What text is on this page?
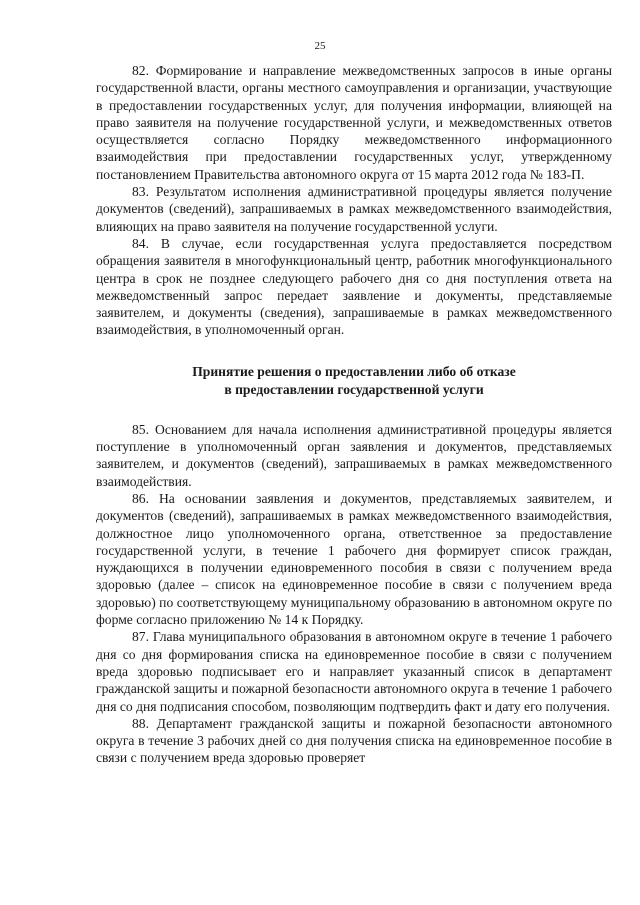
25

82. Формирование и направление межведомственных запросов в иные органы государственной власти, органы местного самоуправления и организации, участвующие в предоставлении государственных услуг, для получения информации, влияющей на право заявителя на получение государственной услуги, и межведомственных ответов осуществляется согласно Порядку межведомственного информационного взаимодействия при предоставлении государственных услуг, утвержденному постановлением Правительства автономного округа от 15 марта 2012 года № 183-П.

83. Результатом исполнения административной процедуры является получение документов (сведений), запрашиваемых в рамках межведомственного взаимодействия, влияющих на право заявителя на получение государственной услуги.

84. В случае, если государственная услуга предоставляется посредством обращения заявителя в многофункциональный центр, работник многофункционального центра в срок не позднее следующего рабочего дня со дня поступления ответа на межведомственный запрос передает заявление и документы, представляемые заявителем, и документы (сведения), запрашиваемые в рамках межведомственного взаимодействия, в уполномоченный орган.

Принятие решения о предоставлении либо об отказе
в предоставлении государственной услуги

85. Основанием для начала исполнения административной процедуры является поступление в уполномоченный орган заявления и документов, представляемых заявителем, и документов (сведений), запрашиваемых в рамках межведомственного взаимодействия.

86. На основании заявления и документов, представляемых заявителем, и документов (сведений), запрашиваемых в рамках межведомственного взаимодействия, должностное лицо уполномоченного органа, ответственное за предоставление государственной услуги, в течение 1 рабочего дня формирует список граждан, нуждающихся в получении единовременного пособия в связи с получением вреда здоровью (далее – список на единовременное пособие в связи с получением вреда здоровью) по соответствующему муниципальному образованию в автономном округе по форме согласно приложению № 14 к Порядку.

87. Глава муниципального образования в автономном округе в течение 1 рабочего дня со дня формирования списка на единовременное пособие в связи с получением вреда здоровью подписывает его и направляет указанный список в департамент гражданской защиты и пожарной безопасности автономного округа в течение 1 рабочего дня со дня подписания способом, позволяющим подтвердить факт и дату его получения.

88. Департамент гражданской защиты и пожарной безопасности автономного округа в течение 3 рабочих дней со дня получения списка на единовременное пособие в связи с получением вреда здоровью проверяет
